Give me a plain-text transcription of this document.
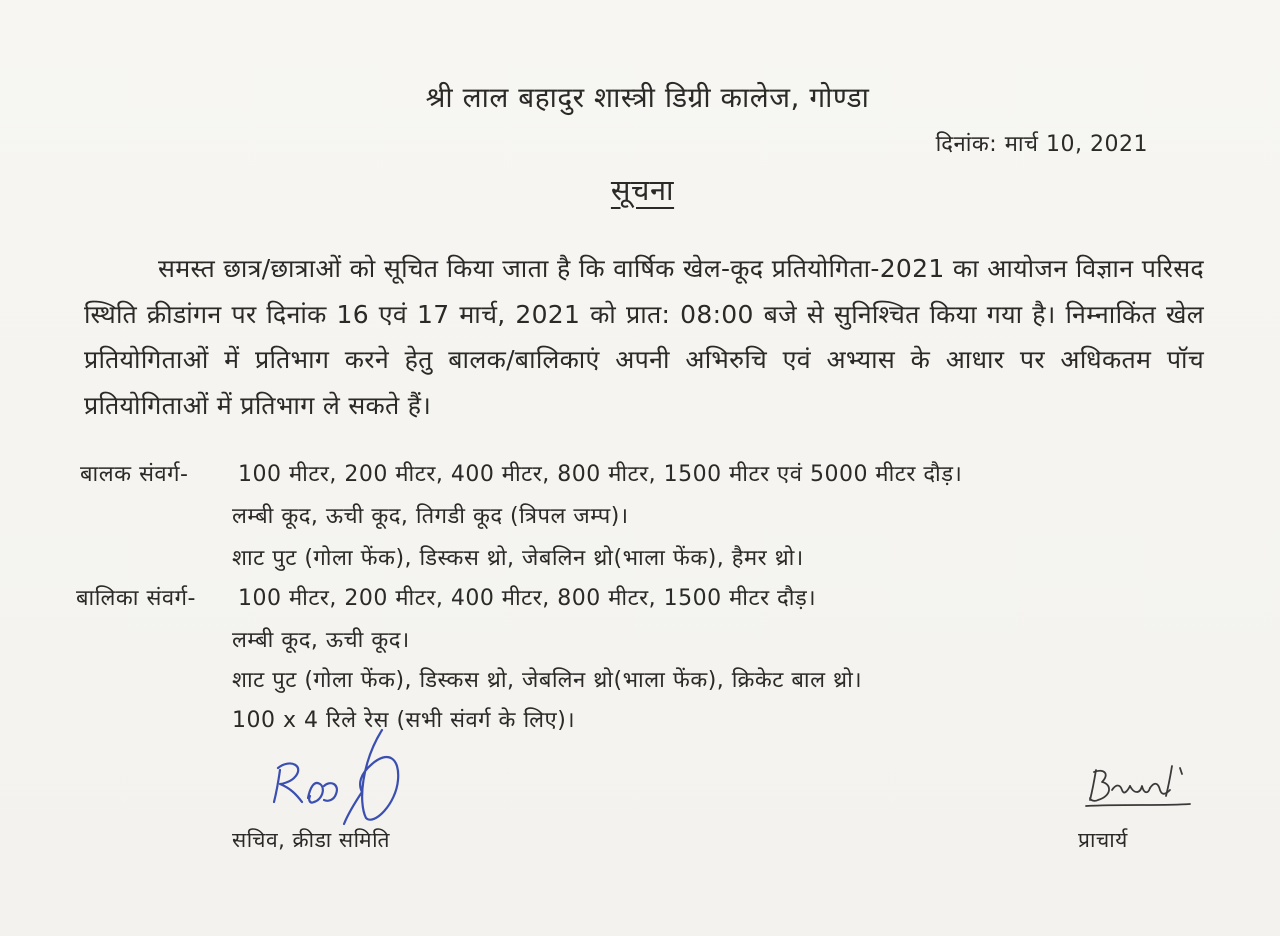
श्री लाल बहादुर शास्त्री डिग्री कालेज, गोण्डा
दिनांक: मार्च 10, 2021
सूचना
समस्त छात्र/छात्राओं को सूचित किया जाता है कि वार्षिक खेल-कूद प्रतियोगिता-2021 का आयोजन विज्ञान परिसद स्थिति क्रीडांगन पर दिनांक 16 एवं 17 मार्च, 2021 को प्रात: 08:00 बजे से सुनिश्चित किया गया है। निम्नाकिंत खेल प्रतियोगिताओं में प्रतिभाग करने हेतु बालक/बालिकाएं अपनी अभिरुचि एवं अभ्यास के आधार पर अधिकतम पॉच प्रतियोगिताओं में प्रतिभाग ले सकते हैं।
बालक संवर्ग- 100 मीटर, 200 मीटर, 400 मीटर, 800 मीटर, 1500 मीटर एवं 5000 मीटर दौड़।
लम्बी कूद, ऊची कूद, तिगडी कूद (त्रिपल जम्प)।
शाट पुट (गोला फेंक), डिस्कस थ्रो, जेबलिन थ्रो(भाला फेंक), हैमर थ्रो।
बालिका संवर्ग- 100 मीटर, 200 मीटर, 400 मीटर, 800 मीटर, 1500 मीटर दौड़।
लम्बी कूद, ऊची कूद।
शाट पुट (गोला फेंक), डिस्कस थ्रो, जेबलिन थ्रो(भाला फेंक), क्रिकेट बाल थ्रो।
100 x 4 रिले रेस (सभी संवर्ग के लिए)।
सचिव, क्रीडा समिति	प्राचार्य
